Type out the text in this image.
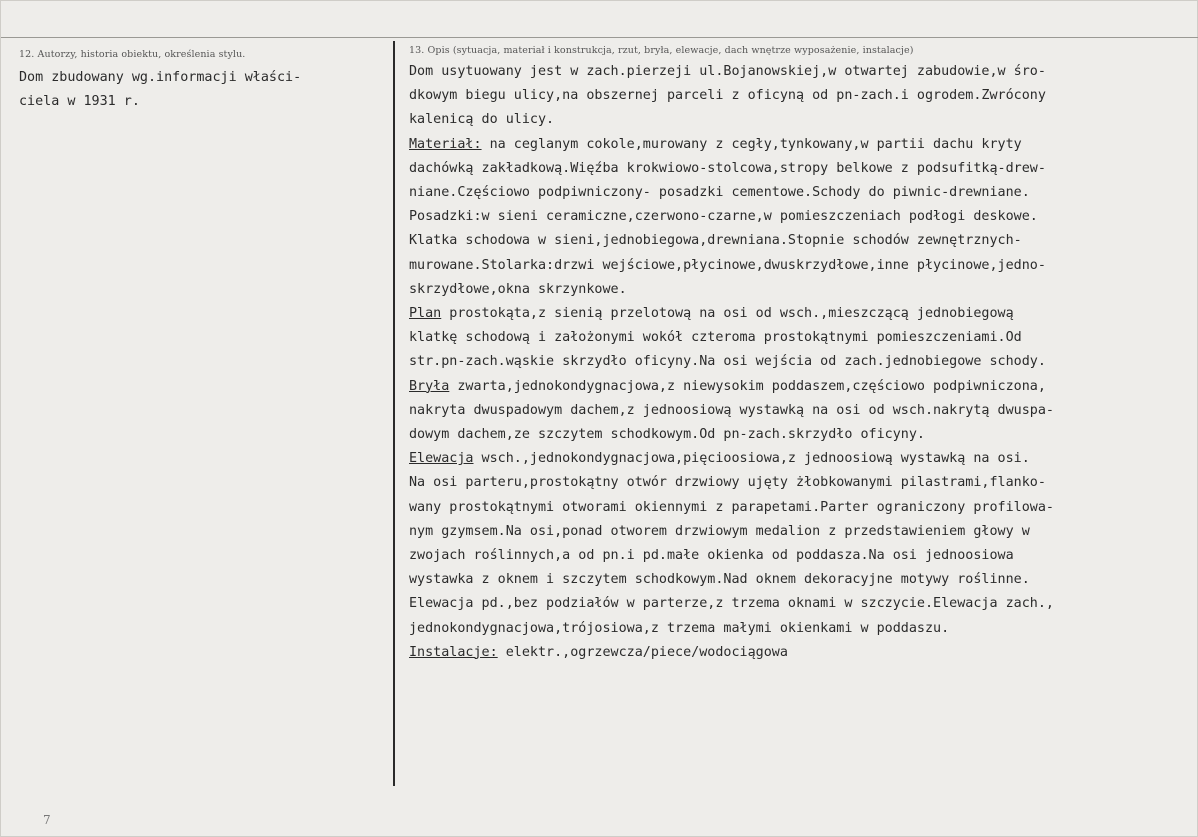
12. Autorzy, historia obiektu, określenia stylu.
Dom zbudowany wg.informacji właści-
ciela w 1931 r.
13. Opis (sytuacja, materiał i konstrukcja, rzut, bryła, elewacje, dach wnętrze wyposażenie, instalacje)
Dom usytuowany jest w zach.pierzeji ul.Bojanowskiej,w otwartej zabudowie,w śro-
dkowym biegu ulicy,na obszernej parceli z oficyną od pn-zach.i ogrodem.Zwrócony
kalenicą do ulicy.
Materiał: na ceglanym cokole,murowany z cegły,tynkowany,w partii dachu kryty
dachówką zakładkową.Więźba krokwiowo-stolcowa,stropy belkowe z podsufitką-drew-
niane.Częściowo podpiwniczony- posadzki cementowe.Schody do piwnic-drewniane.
Posadzki:w sieni ceramiczne,czerwono-czarne,w pomieszczeniach podłogi deskowe.
Klatka schodowa w sieni,jednobiegowa,drewniana.Stopnie schodów zewnętrznych-
murowane.Stolarka:drzwi wejściowe,płycinowe,dwuskrzydłowe,inne płycinowe,jedno-
skrzydłowe,okna skrzynkowe.
Plan prostokąta,z sienią przelotową na osi od wsch.,mieszczącą jednobiegową
klatkę schodową i założonymi wokół czteroma prostokątnymi pomieszczeniami.Od
str.pn-zach.wąskie skrzydło oficyny.Na osi wejścia od zach.jednobiegowe schody.
Bryła zwarta,jednokondygnacjowa,z niewysokim poddaszem,częściowo podpiwniczona,
nakryta dwuspadowym dachem,z jednoosiową wystawką na osi od wsch.nakrytą dwuspa-
dowym dachem,ze szczytem schodkowym.Od pn-zach.skrzydło oficyny.
Elewacja wsch.,jednokondygnacjowa,pięcioosiowa,z jednoosiową wystawką na osi.
Na osi parteru,prostokątny otwór drzwiowy ujęty żłobkowanymi pilastrami,flanko-
wany prostokątnymi otworami okiennymi z parapetami.Parter ograniczony profilowa-
nym gzymsem.Na osi,ponad otworem drzwiowym medalion z przedstawieniem głowy w
zwojach roślinnych,a od pn.i pd.małe okienka od poddasza.Na osi jednoosiowa
wystawka z oknem i szczytem schodkowym.Nad oknem dekoracyjne motywy roślinne.
Elewacja pd.,bez podziałów w parterze,z trzema oknami w szczycie.Elewacja zach.,
jednokondygnacjowa,trójosiowa,z trzema małymi okienkami w poddaszu.
Instalacje: elektr.,ogrzewcza/piece/wodociągowa
7
